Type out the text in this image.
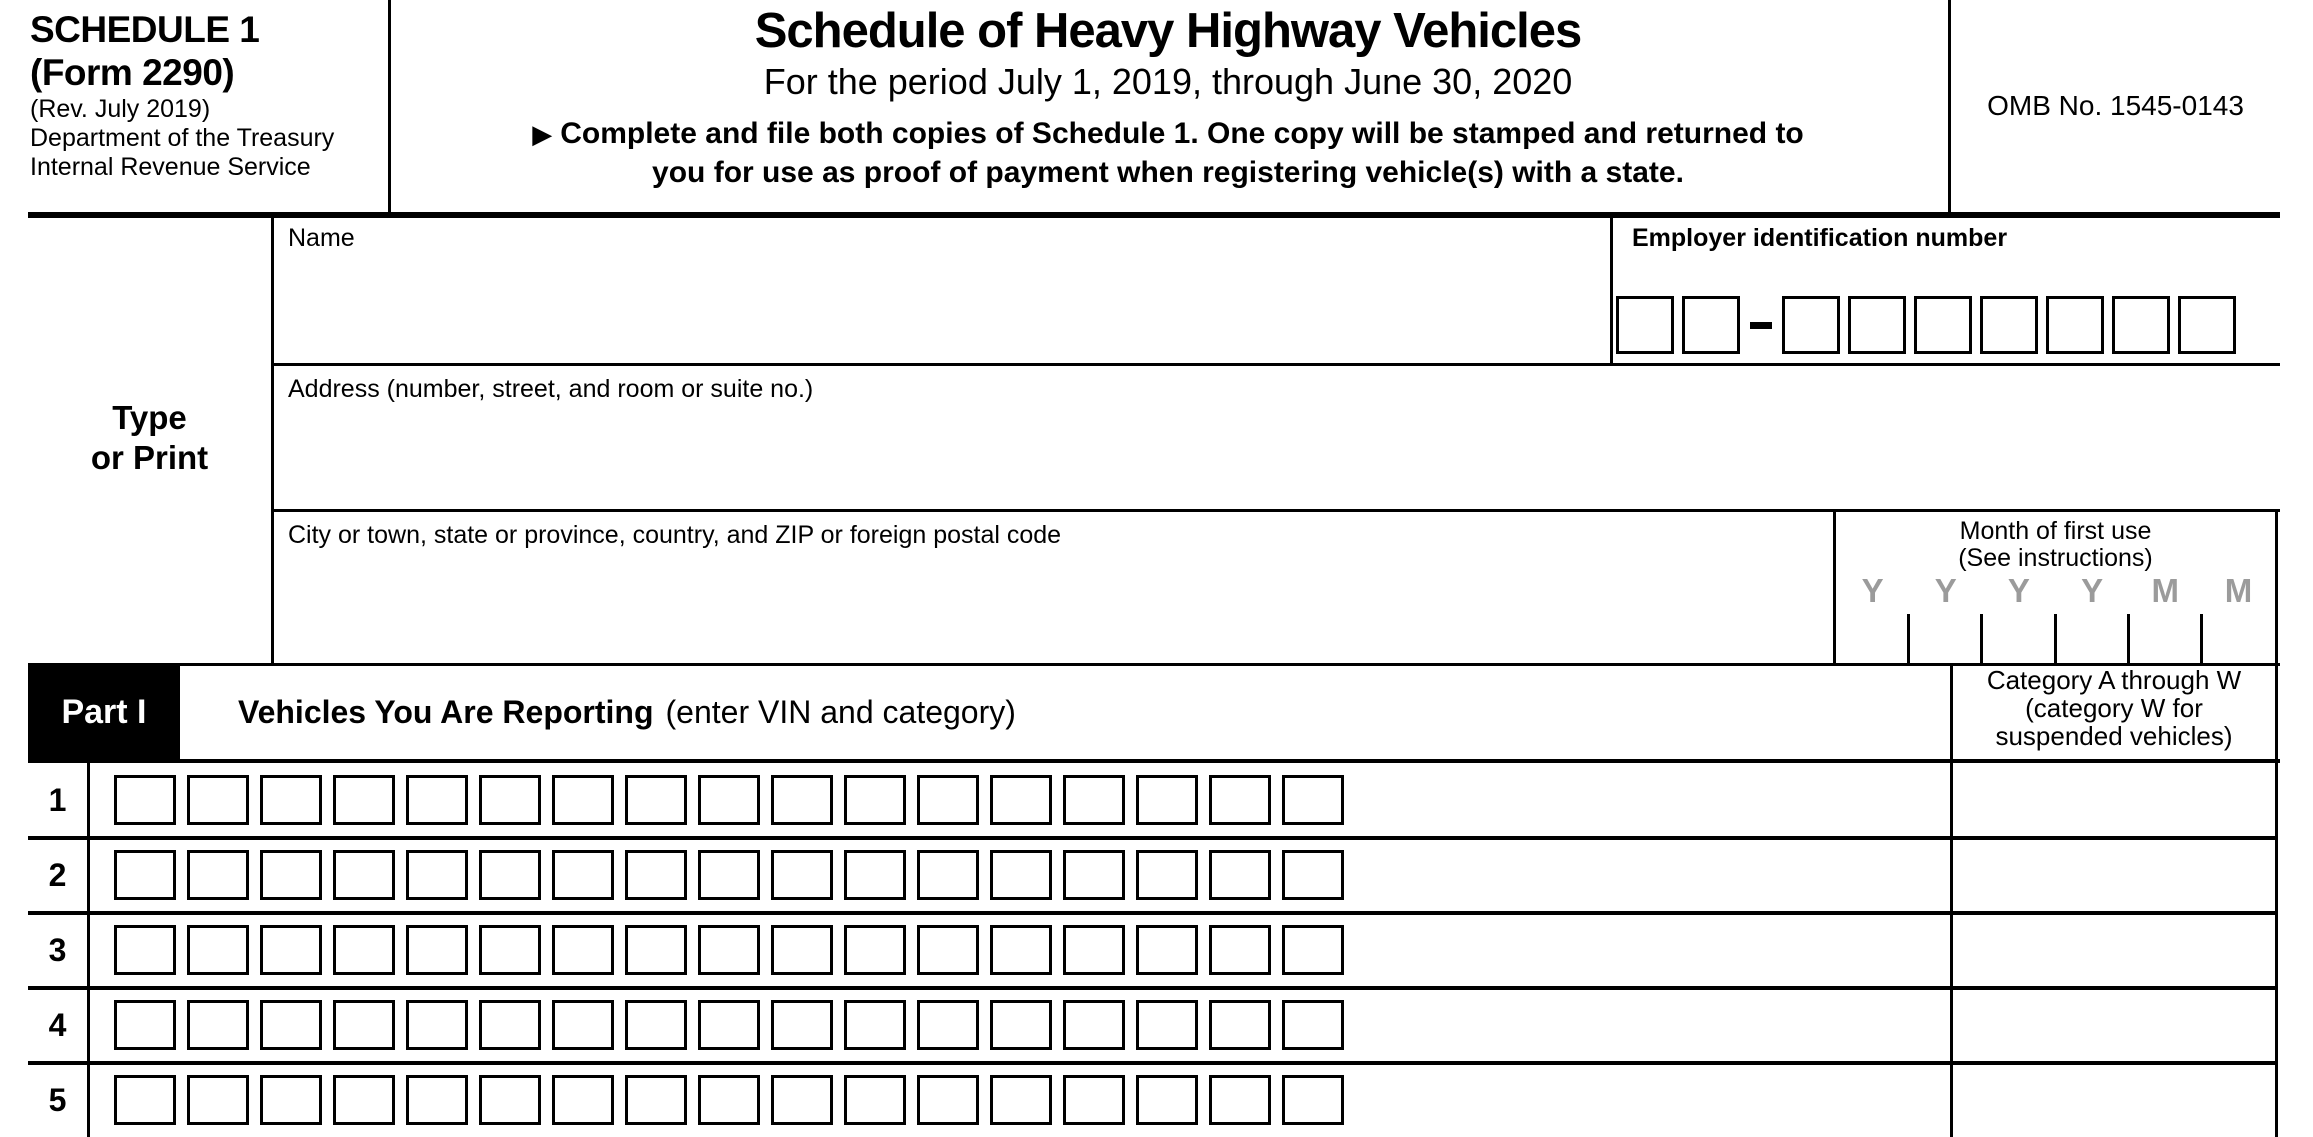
SCHEDULE 1
(Form 2290)
(Rev. July 2019)
Department of the Treasury
Internal Revenue Service
Schedule of Heavy Highway Vehicles
For the period July 1, 2019, through June 30, 2020
▶ Complete and file both copies of Schedule 1. One copy will be stamped and returned to
you for use as proof of payment when registering vehicle(s) with a state.
OMB No. 1545-0143
Type
or Print
Name	Employer identification number
Address (number, street, and room or suite no.)
City or town, state or province, country, and ZIP or foreign postal code	Month of first use
(See instructions)
Y	Y	Y	Y	M	M
Part I	Vehicles You Are Reporting (enter VIN and category)
Category A through W
(category W for
suspended vehicles)
1
2
3
4
5
